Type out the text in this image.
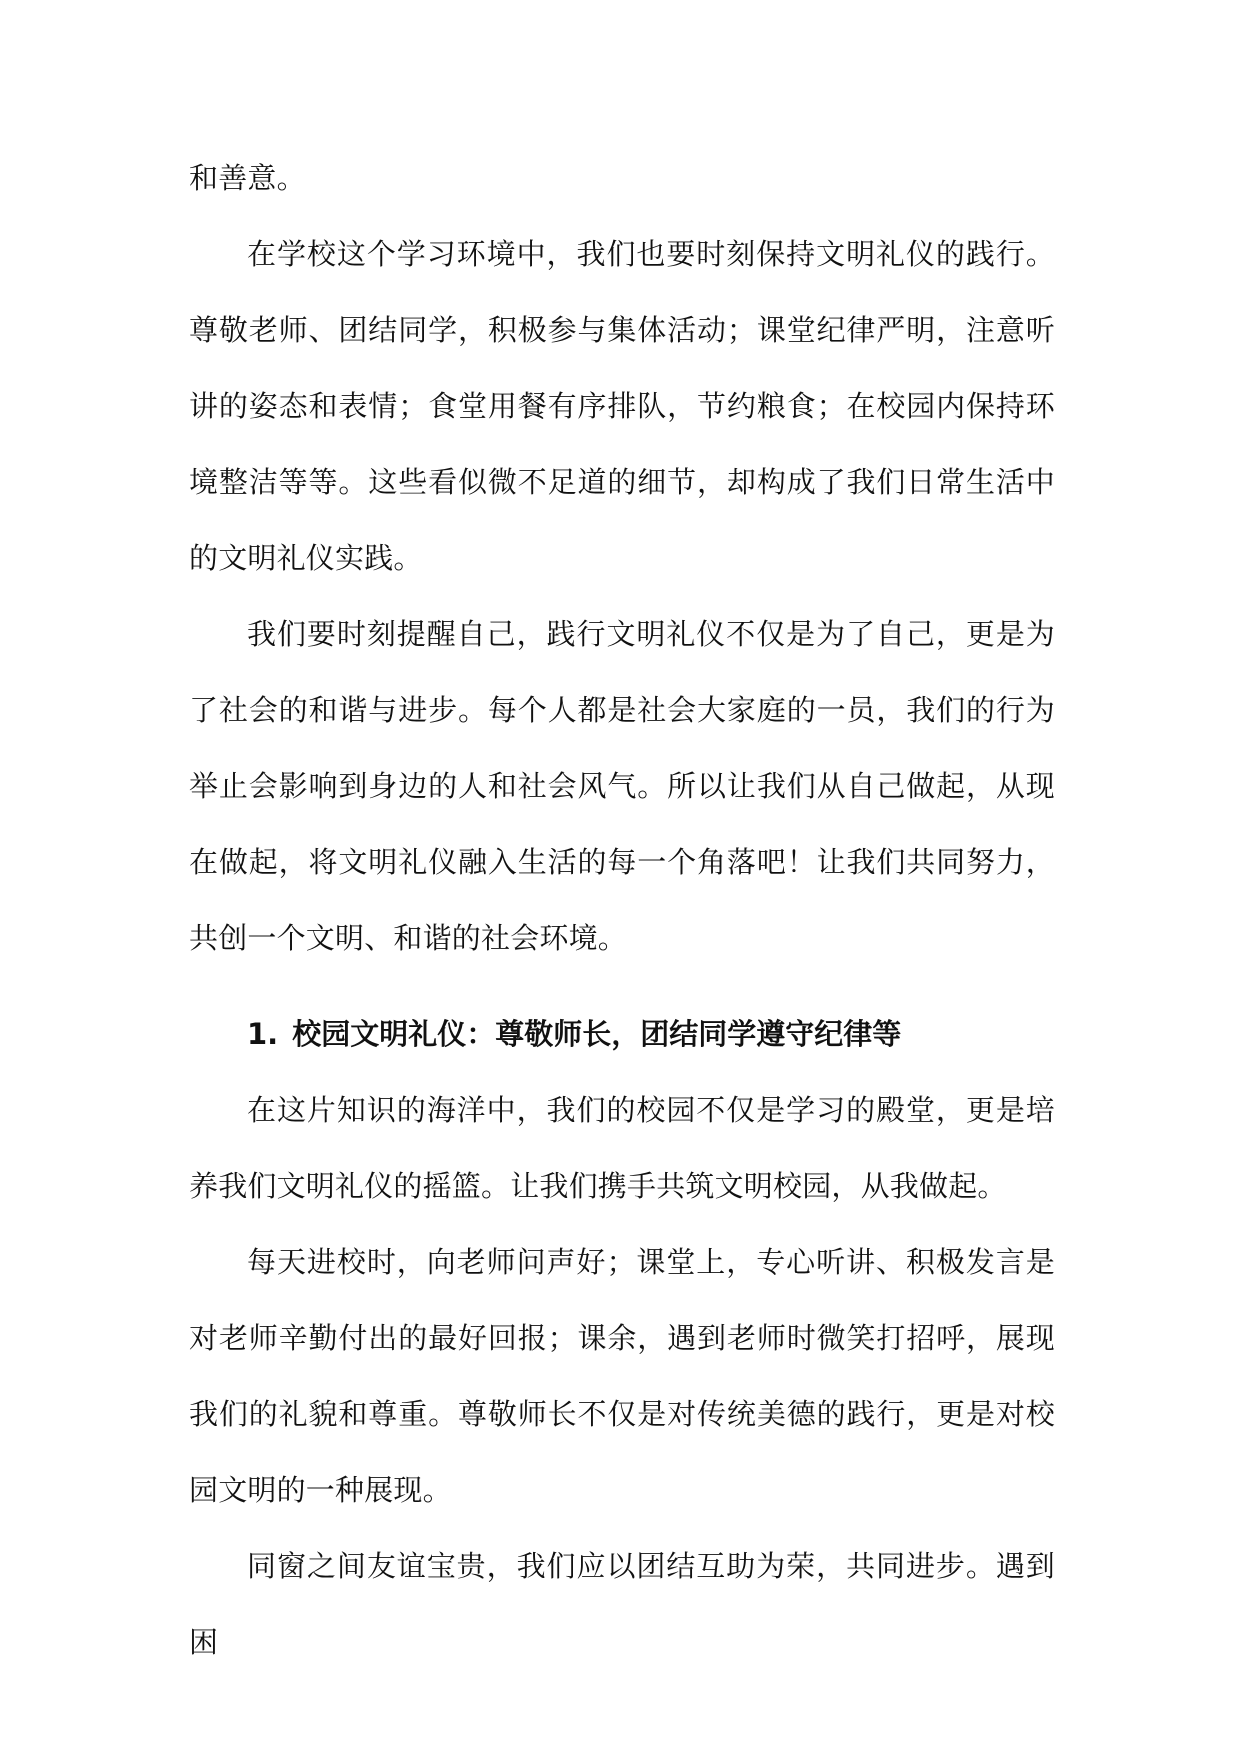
和善意。

在学校这个学习环境中，我们也要时刻保持文明礼仪的践行。尊敬老师、团结同学，积极参与集体活动；课堂纪律严明，注意听讲的姿态和表情；食堂用餐有序排队，节约粮食；在校园内保持环境整洁等等。这些看似微不足道的细节，却构成了我们日常生活中的文明礼仪实践。

我们要时刻提醒自己，践行文明礼仪不仅是为了自己，更是为了社会的和谐与进步。每个人都是社会大家庭的一员，我们的行为举止会影响到身边的人和社会风气。所以让我们从自己做起，从现在做起，将文明礼仪融入生活的每一个角落吧！让我们共同努力，共创一个文明、和谐的社会环境。

1. 校园文明礼仪：尊敬师长，团结同学遵守纪律等

在这片知识的海洋中，我们的校园不仅是学习的殿堂，更是培养我们文明礼仪的摇篮。让我们携手共筑文明校园，从我做起。

每天进校时，向老师问声好；课堂上，专心听讲、积极发言是对老师辛勤付出的最好回报；课余，遇到老师时微笑打招呼，展现我们的礼貌和尊重。尊敬师长不仅是对传统美德的践行，更是对校园文明的一种展现。

同窗之间友谊宝贵，我们应以团结互助为荣，共同进步。遇到困
